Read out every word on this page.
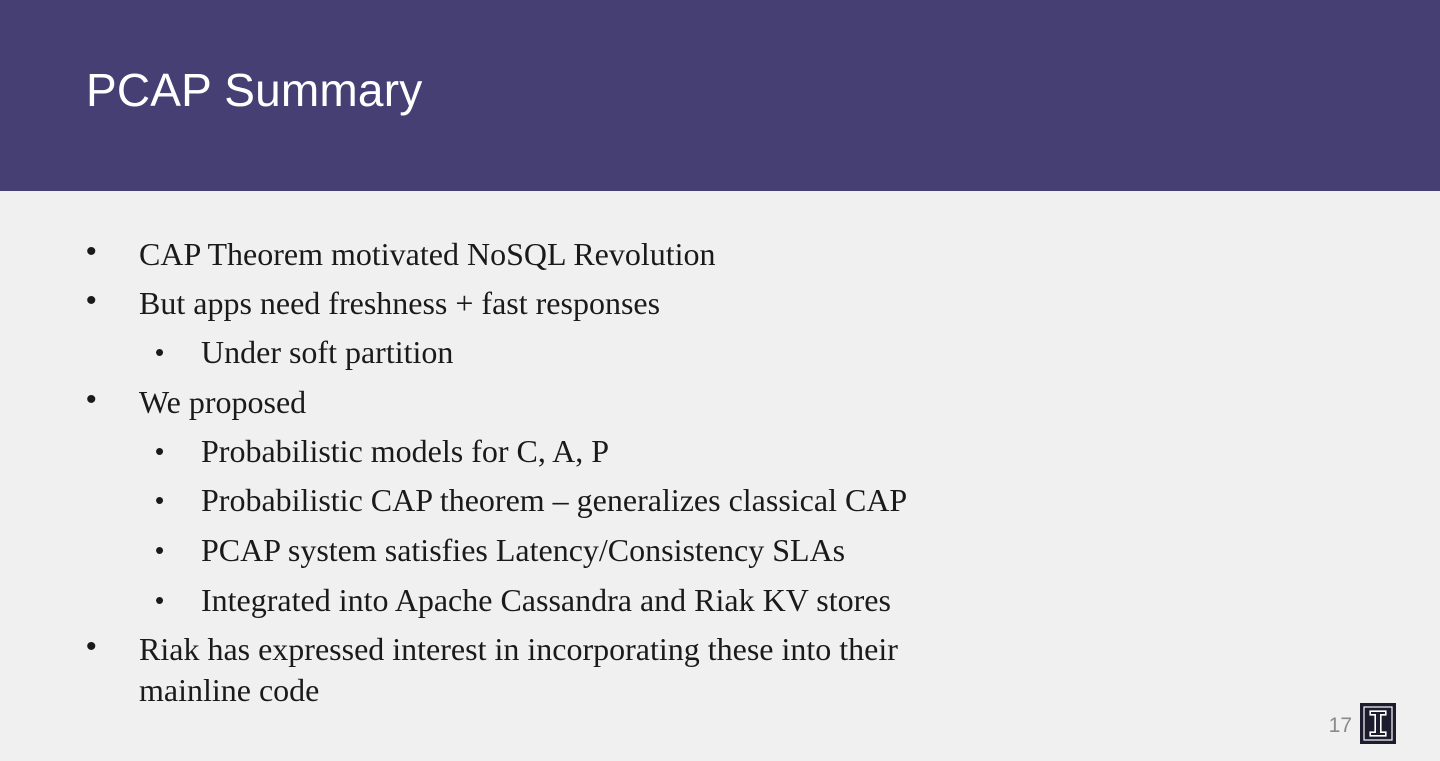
PCAP Summary
• CAP Theorem motivated NoSQL Revolution
• But apps need freshness + fast responses
• Under soft partition
• We proposed
• Probabilistic models for C, A, P
• Probabilistic CAP theorem – generalizes classical CAP
• PCAP system satisfies Latency/Consistency SLAs
• Integrated into Apache Cassandra and Riak KV stores
• Riak has expressed interest in incorporating these into their
mainline code
17
